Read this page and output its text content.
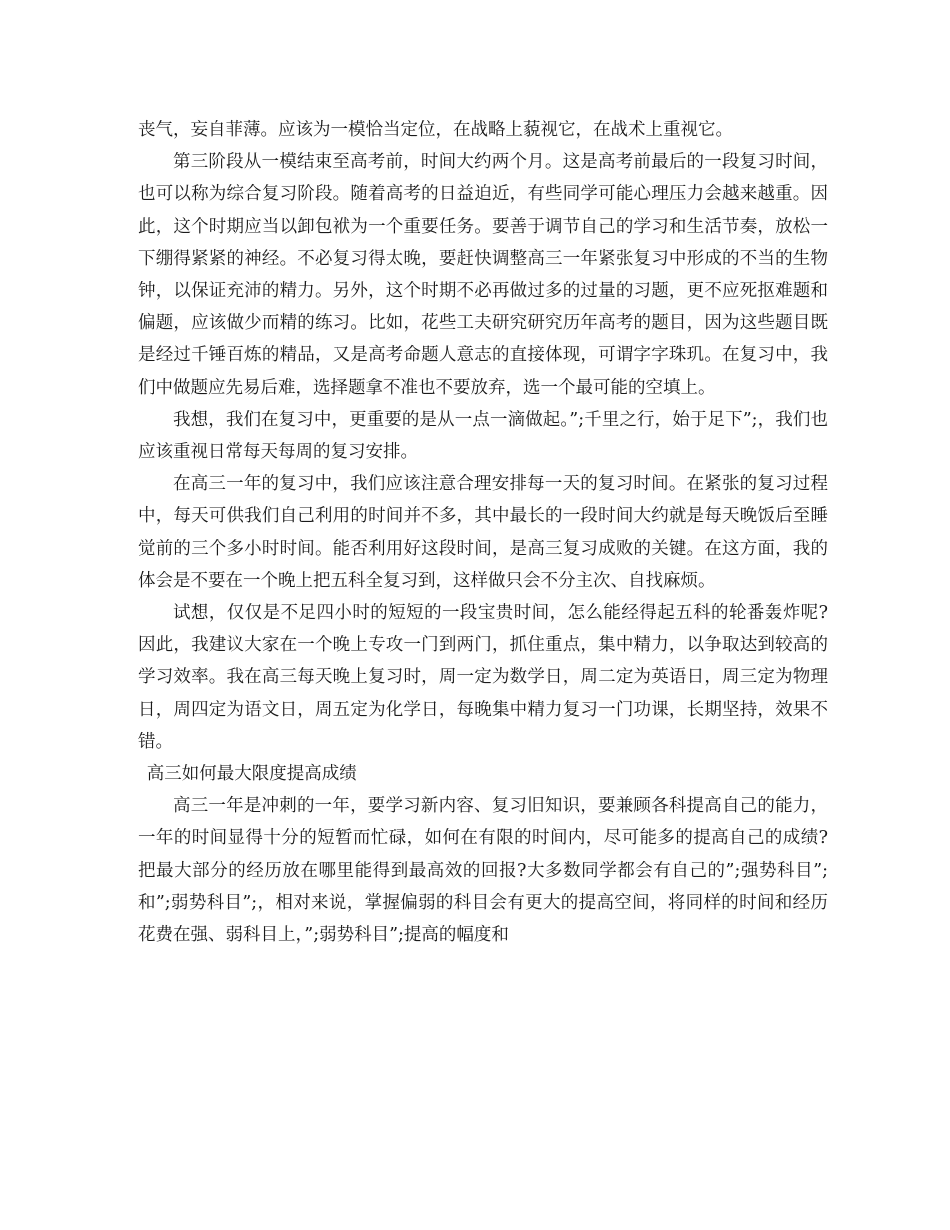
丧气，妄自菲薄。应该为一模恰当定位，在战略上藐视它，在战术上重视它。

第三阶段从一模结束至高考前，时间大约两个月。这是高考前最后的一段复习时间，也可以称为综合复习阶段。随着高考的日益迫近，有些同学可能心理压力会越来越重。因此，这个时期应当以卸包袱为一个重要任务。要善于调节自己的学习和生活节奏，放松一下绷得紧紧的神经。不必复习得太晚，要赶快调整高三一年紧张复习中形成的不当的生物钟，以保证充沛的精力。另外，这个时期不必再做过多的过量的习题，更不应死抠难题和偏题，应该做少而精的练习。比如，花些工夫研究研究历年高考的题目，因为这些题目既是经过千锤百炼的精品，又是高考命题人意志的直接体现，可谓字字珠玑。在复习中，我们中做题应先易后难，选择题拿不准也不要放弃，选一个最可能的空填上。

我想，我们在复习中，更重要的是从一点一滴做起。”;千里之行，始于足下”;，我们也应该重视日常每天每周的复习安排。

在高三一年的复习中，我们应该注意合理安排每一天的复习时间。在紧张的复习过程中，每天可供我们自己利用的时间并不多，其中最长的一段时间大约就是每天晚饭后至睡觉前的三个多小时时间。能否利用好这段时间，是高三复习成败的关键。在这方面，我的体会是不要在一个晚上把五科全复习到，这样做只会不分主次、自找麻烦。

试想，仅仅是不足四小时的短短的一段宝贵时间，怎么能经得起五科的轮番轰炸呢?因此，我建议大家在一个晚上专攻一门到两门，抓住重点，集中精力，以争取达到较高的学习效率。我在高三每天晚上复习时，周一定为数学日，周二定为英语日，周三定为物理日，周四定为语文日，周五定为化学日，每晚集中精力复习一门功课，长期坚持，效果不错。

高三如何最大限度提高成绩

高三一年是冲刺的一年，要学习新内容、复习旧知识，要兼顾各科提高自己的能力，一年的时间显得十分的短暂而忙碌，如何在有限的时间内，尽可能多的提高自己的成绩?把最大部分的经历放在哪里能得到最高效的回报?大多数同学都会有自己的”;强势科目”;和”;弱势科目”;，相对来说，掌握偏弱的科目会有更大的提高空间，将同样的时间和经历花费在强、弱科目上，”;弱势科目”;提高的幅度和
